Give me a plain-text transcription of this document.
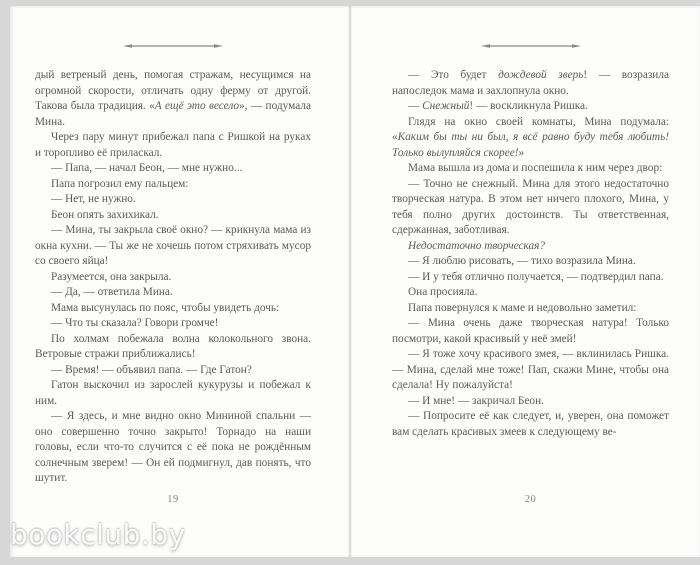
дый ветреный день, помогая стражам, несущимся на огромной скорости, отличать одну ферму от другой. Такова была традиция. «А ещё это весело», — подумала Мина.

Через пару минут прибежал папа с Ришкой на руках и торопливо её приласкал.

— Папа, — начал Беон, — мне нужно...

Папа погрозил ему пальцем:

— Нет, не нужно.

Беон опять захихикал.

— Мина, ты закрыла своё окно? — крикнула мама из окна кухни. — Ты же не хочешь потом стряхивать мусор со своего яйца!

Разумеется, она закрыла.

— Да, — ответила Мина.

Мама высунулась по пояс, чтобы увидеть дочь:

— Что ты сказала? Говори громче!

По холмам побежала волна колокольного звона. Ветровые стражи приближались!

— Время! — объявил папа. — Где Гатон?

Гатон выскочил из зарослей кукурузы и побежал к ним.

— Я здесь, и мне видно окно Мининой спальни — оно совершенно точно закрыто! Торнадо на наши головы, если что-то случится с её пока не рождённым солнечным зверем! — Он ей подмигнул, дав понять, что шутит.

19

— Это будет дождевой зверь! — возразила напоследок мама и захлопнула окно.

— Снежный! — воскликнула Ришка.

Глядя на окно своей комнаты, Мина подумала: «Каким бы ты ни был, я всё равно буду тебя любить! Только вылупляйся скорее!»

Мама вышла из дома и поспешила к ним через двор:

— Точно не снежный. Мина для этого недостаточно творческая натура. В этом нет ничего плохого, Мина, у тебя полно других достоинств. Ты ответственная, сдержанная, заботливая.

Недостаточно творческая?

— Я люблю рисовать, — тихо возразила Мина.

— И у тебя отлично получается, — подтвердил папа.

Она просияла.

Папа повернулся к маме и недовольно заметил:

— Мина очень даже творческая натура! Только посмотри, какой красивый у неё змей!

— Я тоже хочу красивого змея, — вклинилась Ришка. — Мина, сделай мне тоже! Пап, скажи Мине, чтобы она сделала! Ну пожалуйста!

— И мне! — закричал Беон.

— Попросите её как следует, и, уверен, она поможет вам сделать красивых змеев к следующему ве-

20
bookclub.by
